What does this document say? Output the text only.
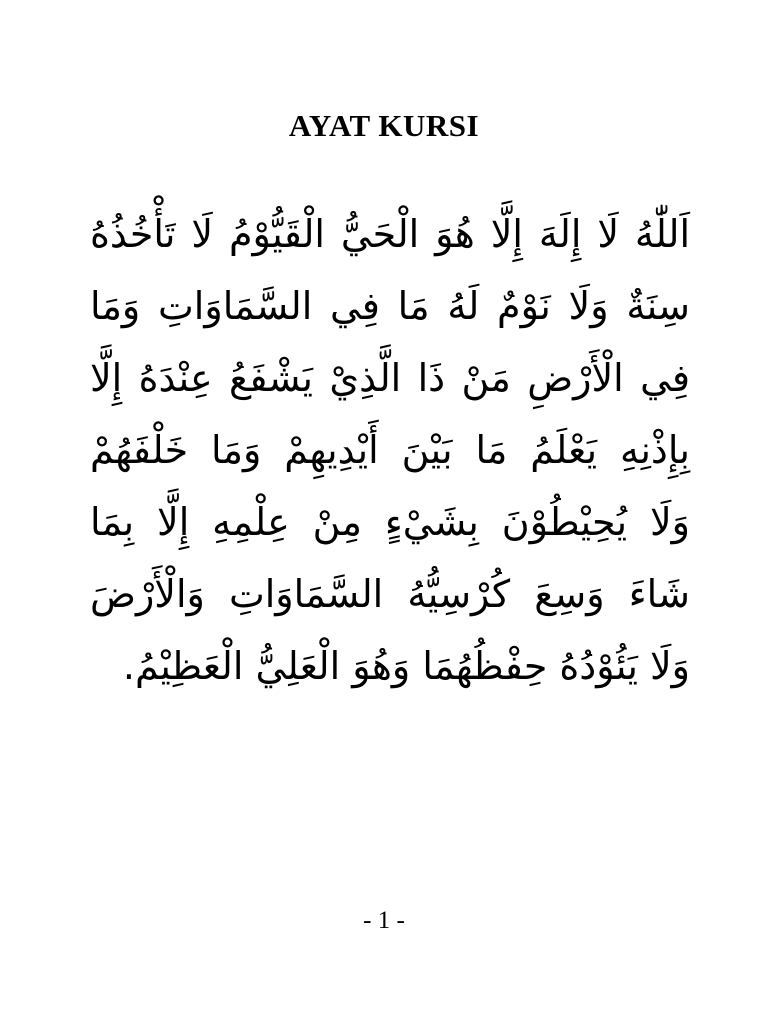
AYAT KURSI
اَللّٰهُ لَا إِلَهَ إِلَّا هُوَ الْحَيُّ الْقَيُّوْمُ لَا تَأْخُذُهُ
سِنَةٌ وَلَا نَوْمٌ لَهُ مَا فِي السَّمَاوَاتِ وَمَا
فِي الْأَرْضِ مَنْ ذَا الَّذِيْ يَشْفَعُ عِنْدَهُ إِلَّا
بِإِذْنِهِ يَعْلَمُ مَا بَيْنَ أَيْدِيهِمْ وَمَا خَلْفَهُمْ
وَلَا يُحِيْطُوْنَ بِشَيْءٍ مِنْ عِلْمِهِ إِلَّا بِمَا
شَاءَ وَسِعَ كُرْسِيُّهُ السَّمَاوَاتِ وَالْأَرْضَ
وَلَا يَئُوْدُهُ حِفْظُهُمَا وَهُوَ الْعَلِيُّ الْعَظِيْمُ.
- 1 -
